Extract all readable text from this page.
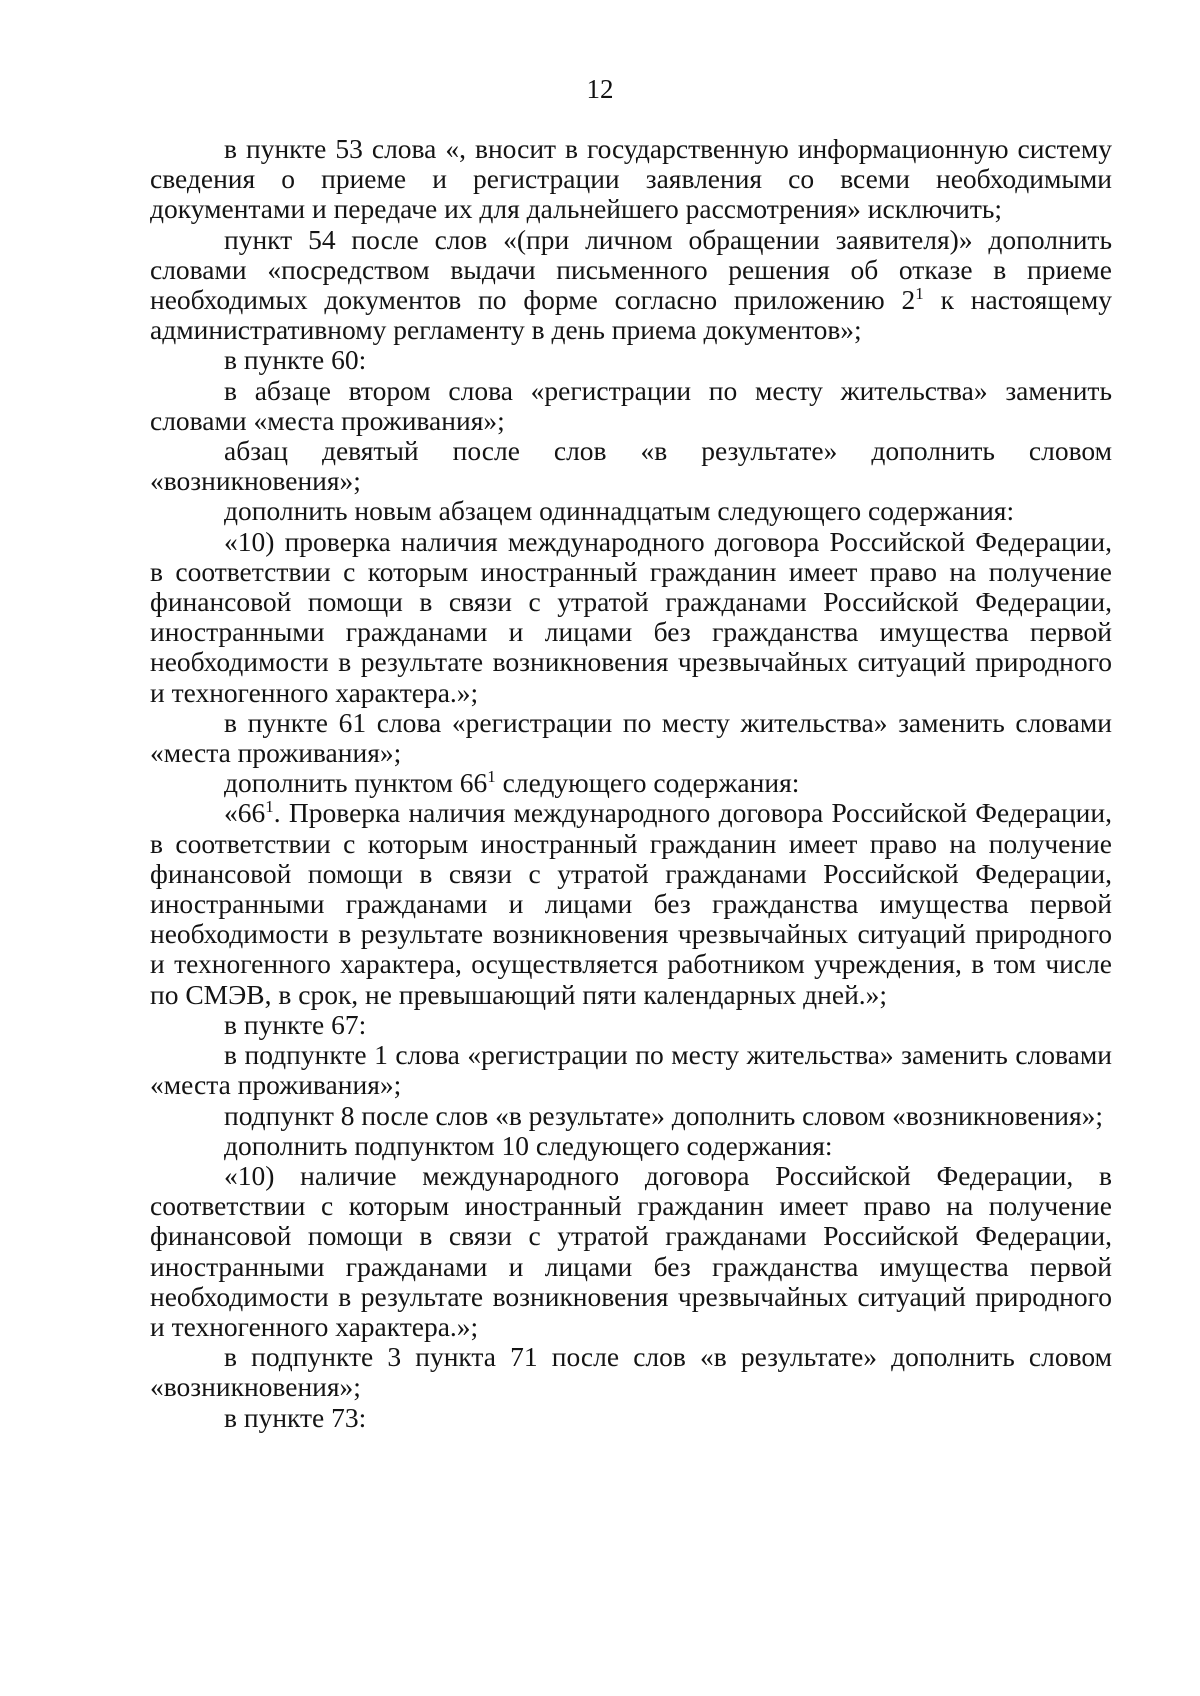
12

в пункте 53 слова «, вносит в государственную информационную систему сведения о приеме и регистрации заявления со всеми необходимыми документами и передаче их для дальнейшего рассмотрения» исключить;

пункт 54 после слов «(при личном обращении заявителя)» дополнить словами «посредством выдачи письменного решения об отказе в приеме необходимых документов по форме согласно приложению $2^1$ к настоящему административному регламенту в день приема документов»;

в пункте 60:

в абзаце втором слова «регистрации по месту жительства» заменить словами «места проживания»;

абзац девятый после слов «в результате» дополнить словом «возникновения»;

дополнить новым абзацем одиннадцатым следующего содержания:

«10) проверка наличия международного договора Российской Федерации, в соответствии с которым иностранный гражданин имеет право на получение финансовой помощи в связи с утратой гражданами Российской Федерации, иностранными гражданами и лицами без гражданства имущества первой необходимости в результате возникновения чрезвычайных ситуаций природного и техногенного характера.»;

в пункте 61 слова «регистрации по месту жительства» заменить словами «места проживания»;

дополнить пунктом $66^1$ следующего содержания:

«$66^1$. Проверка наличия международного договора Российской Федерации, в соответствии с которым иностранный гражданин имеет право на получение финансовой помощи в связи с утратой гражданами Российской Федерации, иностранными гражданами и лицами без гражданства имущества первой необходимости в результате возникновения чрезвычайных ситуаций природного и техногенного характера, осуществляется работником учреждения, в том числе по СМЭВ, в срок, не превышающий пяти календарных дней.»;

в пункте 67:

в подпункте 1 слова «регистрации по месту жительства» заменить словами «места проживания»;

подпункт 8 после слов «в результате» дополнить словом «возникновения»;

дополнить подпунктом 10 следующего содержания:

«10) наличие международного договора Российской Федерации, в соответствии с которым иностранный гражданин имеет право на получение финансовой помощи в связи с утратой гражданами Российской Федерации, иностранными гражданами и лицами без гражданства имущества первой необходимости в результате возникновения чрезвычайных ситуаций природного и техногенного характера.»;

в подпункте 3 пункта 71 после слов «в результате» дополнить словом «возникновения»;

в пункте 73:
